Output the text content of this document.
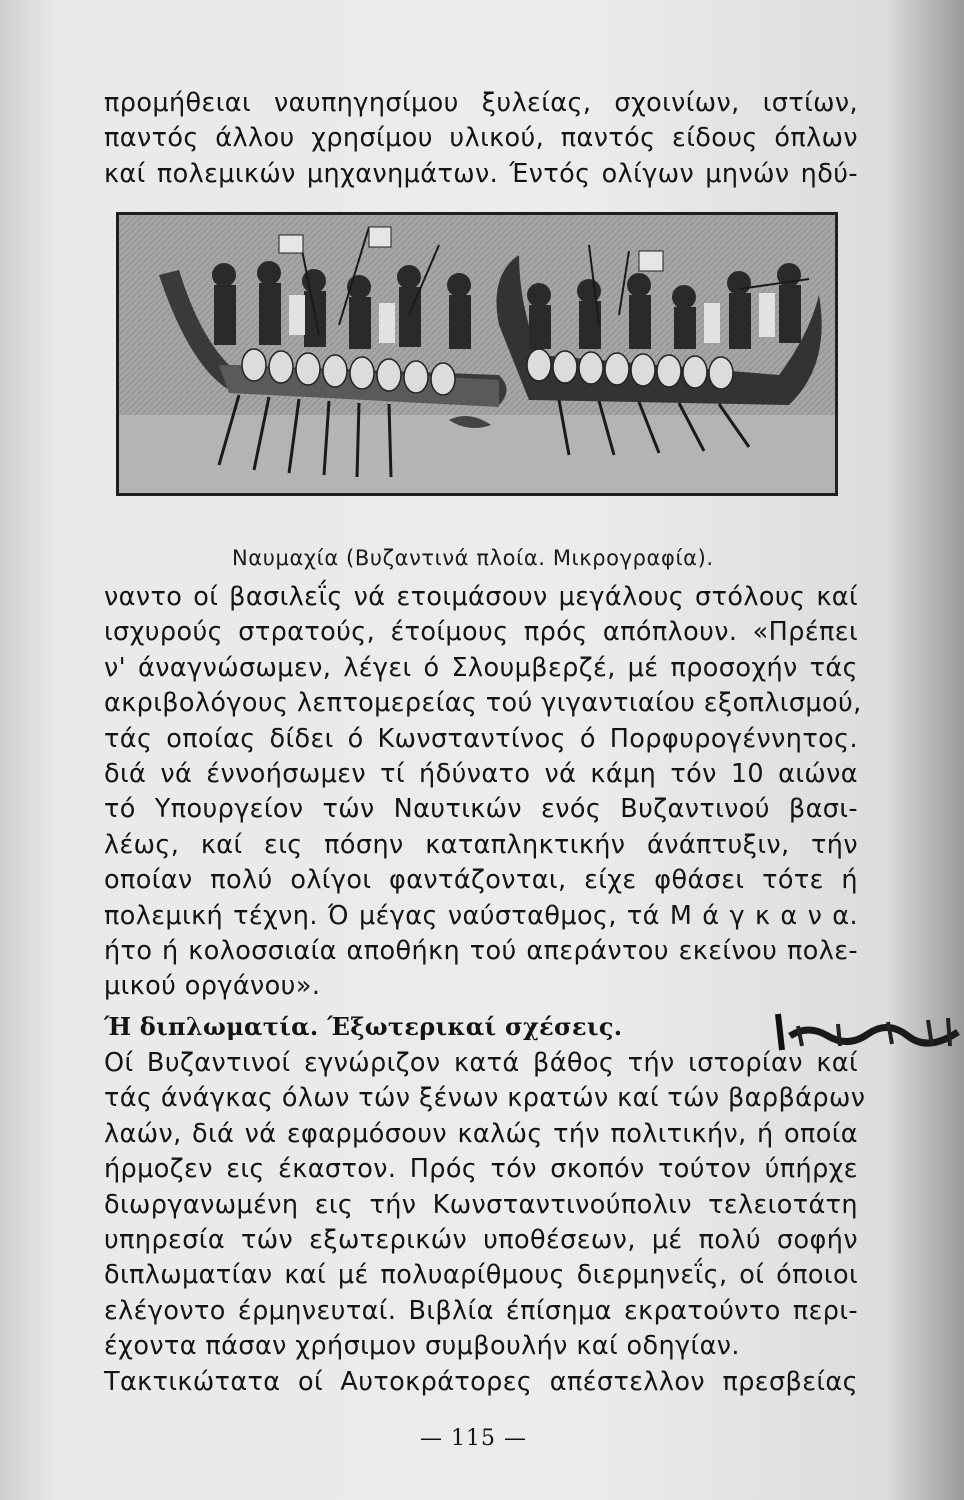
προμήθειαι ναυπηγησίμου ξυλείας, σχοινίων, ιστίων,
παντός άλλου χρησίμου υλικού, παντός είδους όπλων
καί πολεμικών μηχανημάτων. Έντός ολίγων μηνών ηδύ-
Ναυμαχία (Βυζαντινά πλοία. Μικρογραφία).
ναντο οί βασιλεΐς νά ετοιμάσουν μεγάλους στόλους καί
ισχυρούς στρατούς, έτοίμους πρός απόπλουν. «Πρέπει
ν' άναγνώσωμεν, λέγει ό Σλουμβερζέ, μέ προσοχήν τάς
ακριβολόγους λεπτομερείας τού γιγαντιαίου εξοπλισμού,
τάς οποίας δίδει ό Κωνσταντίνος ό Πορφυρογέννητος.
διά νά έννοήσωμεν τί ήδύνατο νά κάμη τόν 10 αιώνα
τό Υπουργείον τών Ναυτικών ενός Βυζαντινού βασι-
λέως, καί εις πόσην καταπληκτικήν άνάπτυξιν, τήν
οποίαν πολύ ολίγοι φαντάζονται, είχε φθάσει τότε ή
πολεμική τέχνη. Ό μέγας ναύσταθμος, τά Μ ά γ κ α ν α.
ήτο ή κολοσσιαία αποθήκη τού απεράντου εκείνου πολε-
μικού οργάνου».
Ή διπλωματία. Έξωτερικαί σχέσεις.
Οί Βυζαντινοί εγνώριζον κατά βάθος τήν ιστορίαν καί
τάς άνάγκας όλων τών ξένων κρατών καί τών βαρβάρων
λαών, διά νά εφαρμόσουν καλώς τήν πολιτικήν, ή οποία
ήρμοζεν εις έκαστον. Πρός τόν σκοπόν τούτον ύπήρχε
διωργανωμένη εις τήν Κωνσταντινούπολιν τελειοτάτη
υπηρεσία τών εξωτερικών υποθέσεων, μέ πολύ σοφήν
διπλωματίαν καί μέ πολυαρίθμους διερμηνεΐς, οί όποιοι
ελέγοντο έρμηνευταί. Βιβλία έπίσημα εκρατούντο περι-
έχοντα πάσαν χρήσιμον συμβουλήν καί οδηγίαν.
Τακτικώτατα οί Αυτοκράτορες απέστελλον πρεσβείας
— 115 —
